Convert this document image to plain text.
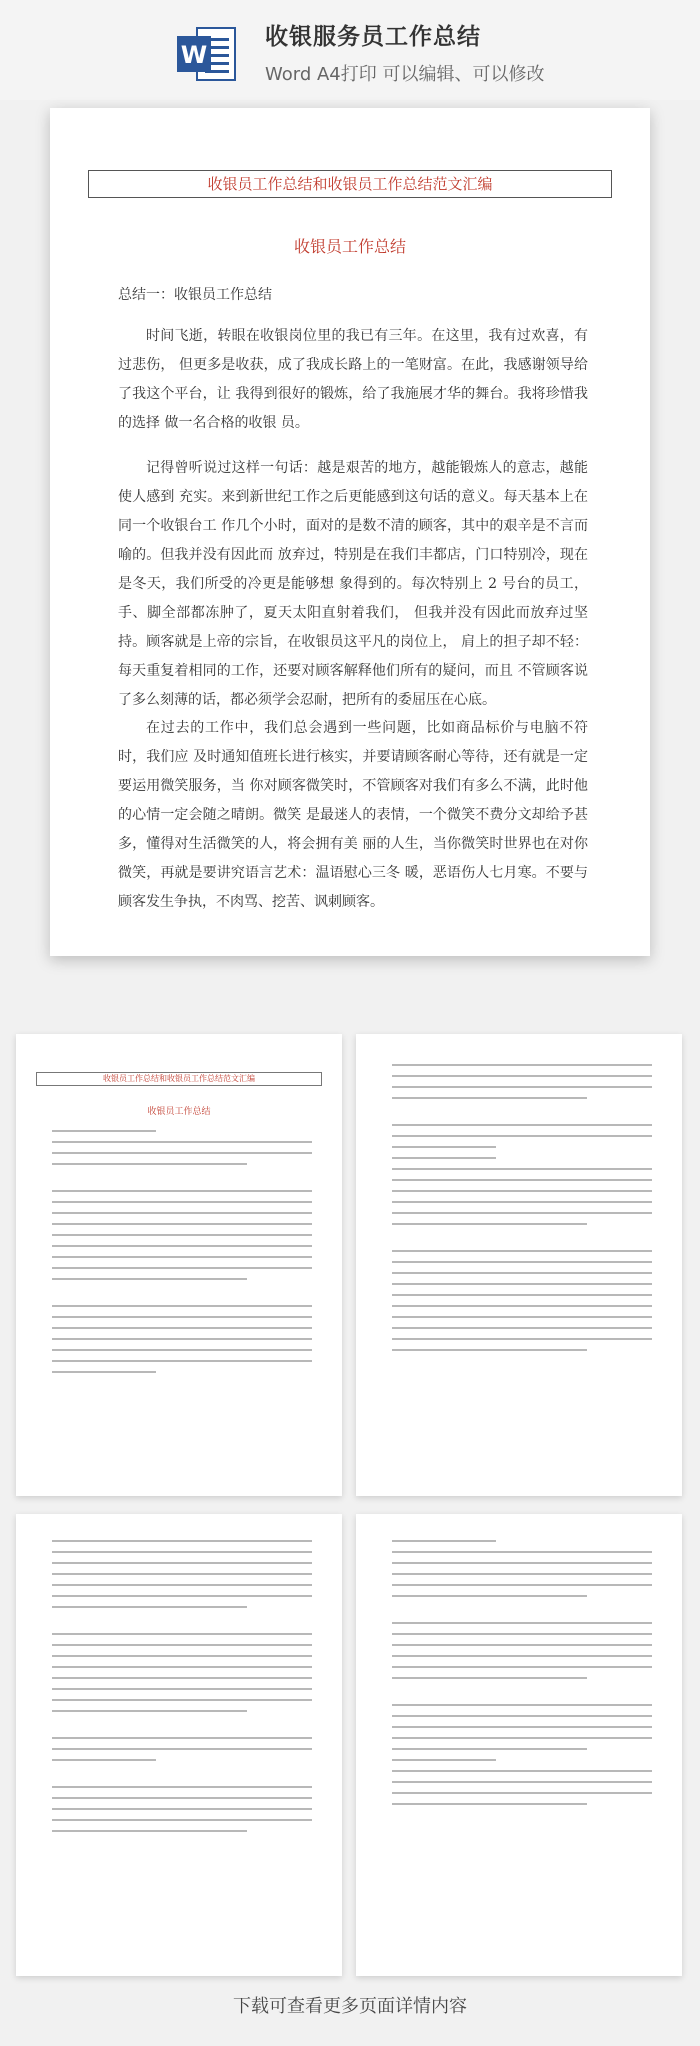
W
收银服务员工作总结
Word A4打印 可以编辑、可以修改
收银员工作总结和收银员工作总结范文汇编
收银员工作总结
总结一：收银员工作总结
时间飞逝，转眼在收银岗位里的我已有三年。在这里，我有过欢喜，有过悲伤， 但更多是收获，成了我成长路上的一笔财富。在此，我感谢领导给了我这个平台，让 我得到很好的锻炼，给了我施展才华的舞台。我将珍惜我的选择 做一名合格的收银 员。
记得曾听说过这样一句话：越是艰苦的地方，越能锻炼人的意志，越能使人感到 充实。来到新世纪工作之后更能感到这句话的意义。每天基本上在同一个收银台工 作几个小时，面对的是数不清的顾客，其中的艰辛是不言而喻的。但我并没有因此而 放弃过，特别是在我们丰都店，门口特别冷，现在是冬天，我们所受的冷更是能够想 象得到的。每次特别上 2 号台的员工，手、脚全部都冻肿了，夏天太阳直射着我们， 但我并没有因此而放弃过坚持。顾客就是上帝的宗旨，在收银员这平凡的岗位上， 肩上的担子却不轻：每天重复着相同的工作，还要对顾客解释他们所有的疑问，而且 不管顾客说了多么刻薄的话，都必须学会忍耐，把所有的委屈压在心底。
在过去的工作中，我们总会遇到一些问题，比如商品标价与电脑不符时，我们应 及时通知值班长进行核实，并要请顾客耐心等待，还有就是一定要运用微笑服务，当 你对顾客微笑时，不管顾客对我们有多么不满，此时他的心情一定会随之晴朗。微笑 是最迷人的表情，一个微笑不费分文却给予甚多，懂得对生活微笑的人，将会拥有美 丽的人生，当你微笑时世界也在对你微笑，再就是要讲究语言艺术：温语慰心三冬 暖，恶语伤人七月寒。不要与顾客发生争执，不肉骂、挖苦、讽刺顾客。
收银员工作总结和收银员工作总结范文汇编
收银员工作总结
下载可查看更多页面详情内容
